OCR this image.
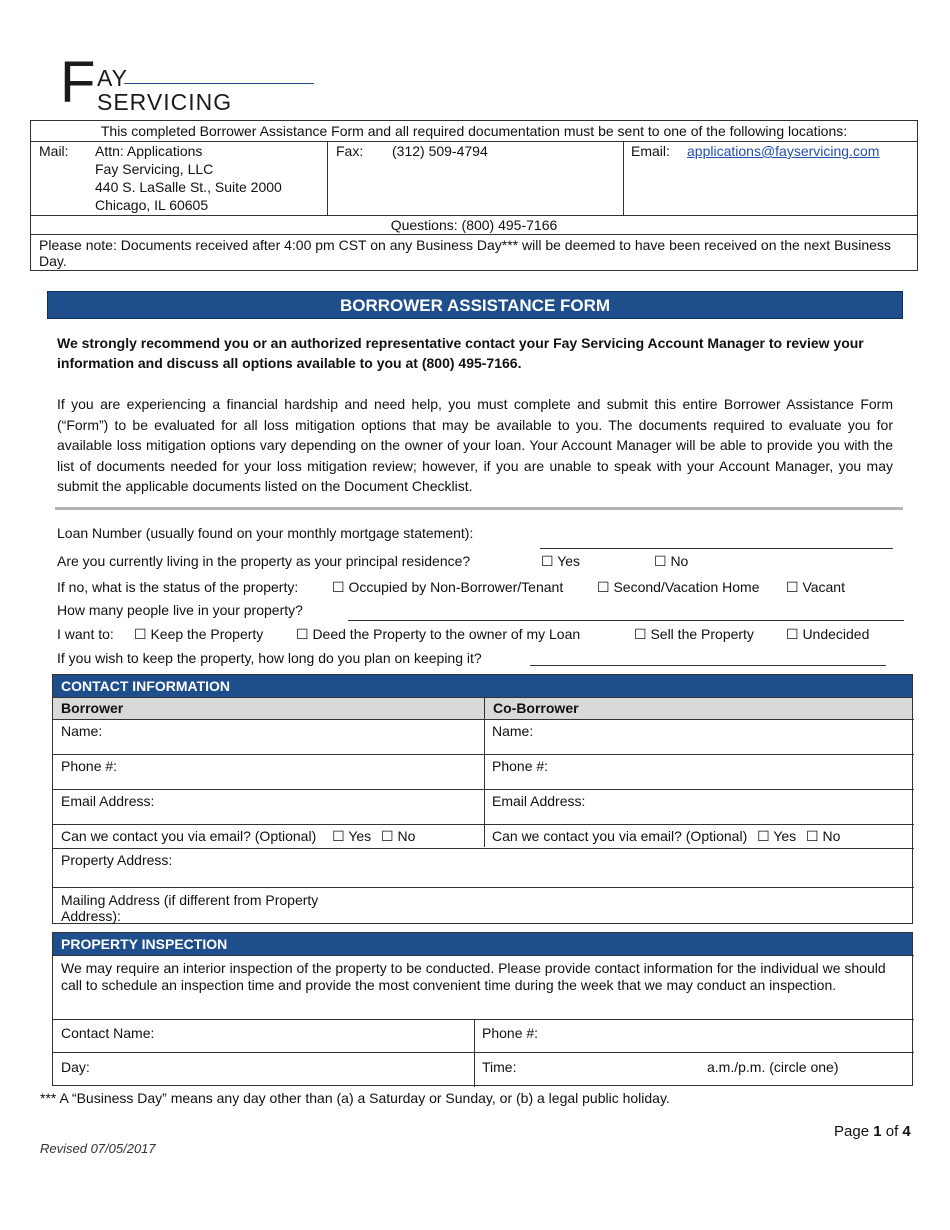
F AY
SERVICING
This completed Borrower Assistance Form and all required documentation must be sent to one of the following locations:
Mail: Attn: Applications
Fay Servicing, LLC
440 S. LaSalle St., Suite 2000
Chicago, IL 60605
Fax: (312) 509-4794	Email: applications@fayservicing.com
Questions: (800) 495-7166
Please note: Documents received after 4:00 pm CST on any Business Day*** will be deemed to have been received on the next Business Day.
BORROWER ASSISTANCE FORM
We strongly recommend you or an authorized representative contact your Fay Servicing Account Manager to review your information and discuss all options available to you at (800) 495-7166.
If you are experiencing a financial hardship and need help, you must complete and submit this entire Borrower Assistance Form (“Form”) to be evaluated for all loss mitigation options that may be available to you. The documents required to evaluate you for available loss mitigation options vary depending on the owner of your loan. Your Account Manager will be able to provide you with the list of documents needed for your loss mitigation review; however, if you are unable to speak with your Account Manager, you may submit the applicable documents listed on the Document Checklist.
Loan Number (usually found on your monthly mortgage statement):
Are you currently living in the property as your principal residence?	☐ Yes	☐ No
If no, what is the status of the property: ☐ Occupied by Non-Borrower/Tenant ☐ Second/Vacation Home ☐ Vacant
How many people live in your property?
I want to: ☐ Keep the Property ☐ Deed the Property to the owner of my Loan	☐ Sell the Property ☐ Undecided
If you wish to keep the property, how long do you plan on keeping it?
CONTACT INFORMATION
Borrower	Co-Borrower
Name:	Name:
Phone #:	Phone #:
Email Address:	Email Address:
Can we contact you via email? (Optional) ☐ Yes ☐ No	Can we contact you via email? (Optional) ☐ Yes ☐ No
Property Address:
Mailing Address (if different from Property Address):
PROPERTY INSPECTION
We may require an interior inspection of the property to be conducted. Please provide contact information for the individual we should call to schedule an inspection time and provide the most convenient time during the week that we may conduct an inspection.
Contact Name:	Phone #:
Day:	Time:	a.m./p.m. (circle one)
*** A “Business Day” means any day other than (a) a Saturday or Sunday, or (b) a legal public holiday.
Page 1 of 4
Revised 07/05/2017
